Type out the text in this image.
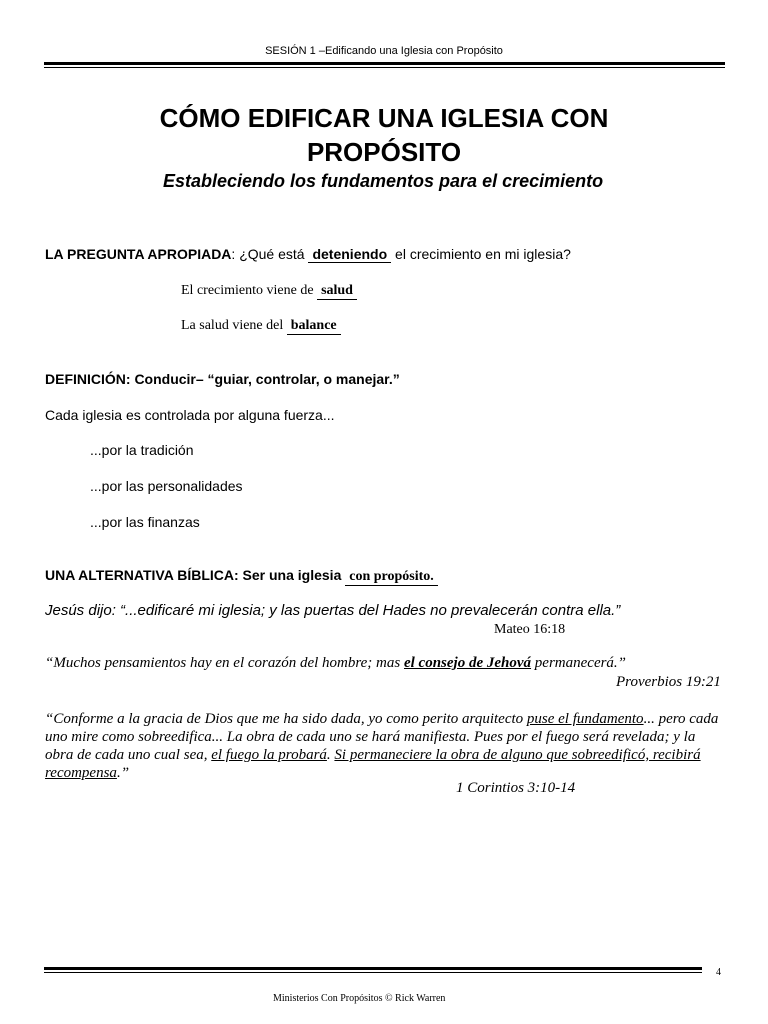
SESIÓN 1 –Edificando una Iglesia con Propósito
CÓMO EDIFICAR UNA IGLESIA CON
PROPÓSITO
Estableciendo los fundamentos para el crecimiento
LA PREGUNTA APROPIADA: ¿Qué está deteniendo el crecimiento en mi iglesia?
El crecimiento viene de salud
La salud viene del balance
DEFINICIÓN: Conducir– “guiar, controlar, o manejar.”
Cada iglesia es controlada por alguna fuerza...
...por la tradición
...por las personalidades
...por las finanzas
UNA ALTERNATIVA BÍBLICA: Ser una iglesia con propósito.
Jesús dijo: “...edificaré mi iglesia; y las puertas del Hades no prevalecerán contra ella.”
Mateo 16:18
“Muchos pensamientos hay en el corazón del hombre; mas el consejo de Jehová permanecerá.”
Proverbios 19:21
“Conforme a la gracia de Dios que me ha sido dada, yo como perito arquitecto puse el fundamento... pero cada uno mire como sobreedifica... La obra de cada uno se hará manifiesta. Pues por el fuego será revelada; y la obra de cada uno cual sea, el fuego la probará. Si permaneciere la obra de alguno que sobreedificó, recibirá recompensa.”
1 Corintios 3:10-14
4
Ministerios Con Propósitos © Rick Warren
